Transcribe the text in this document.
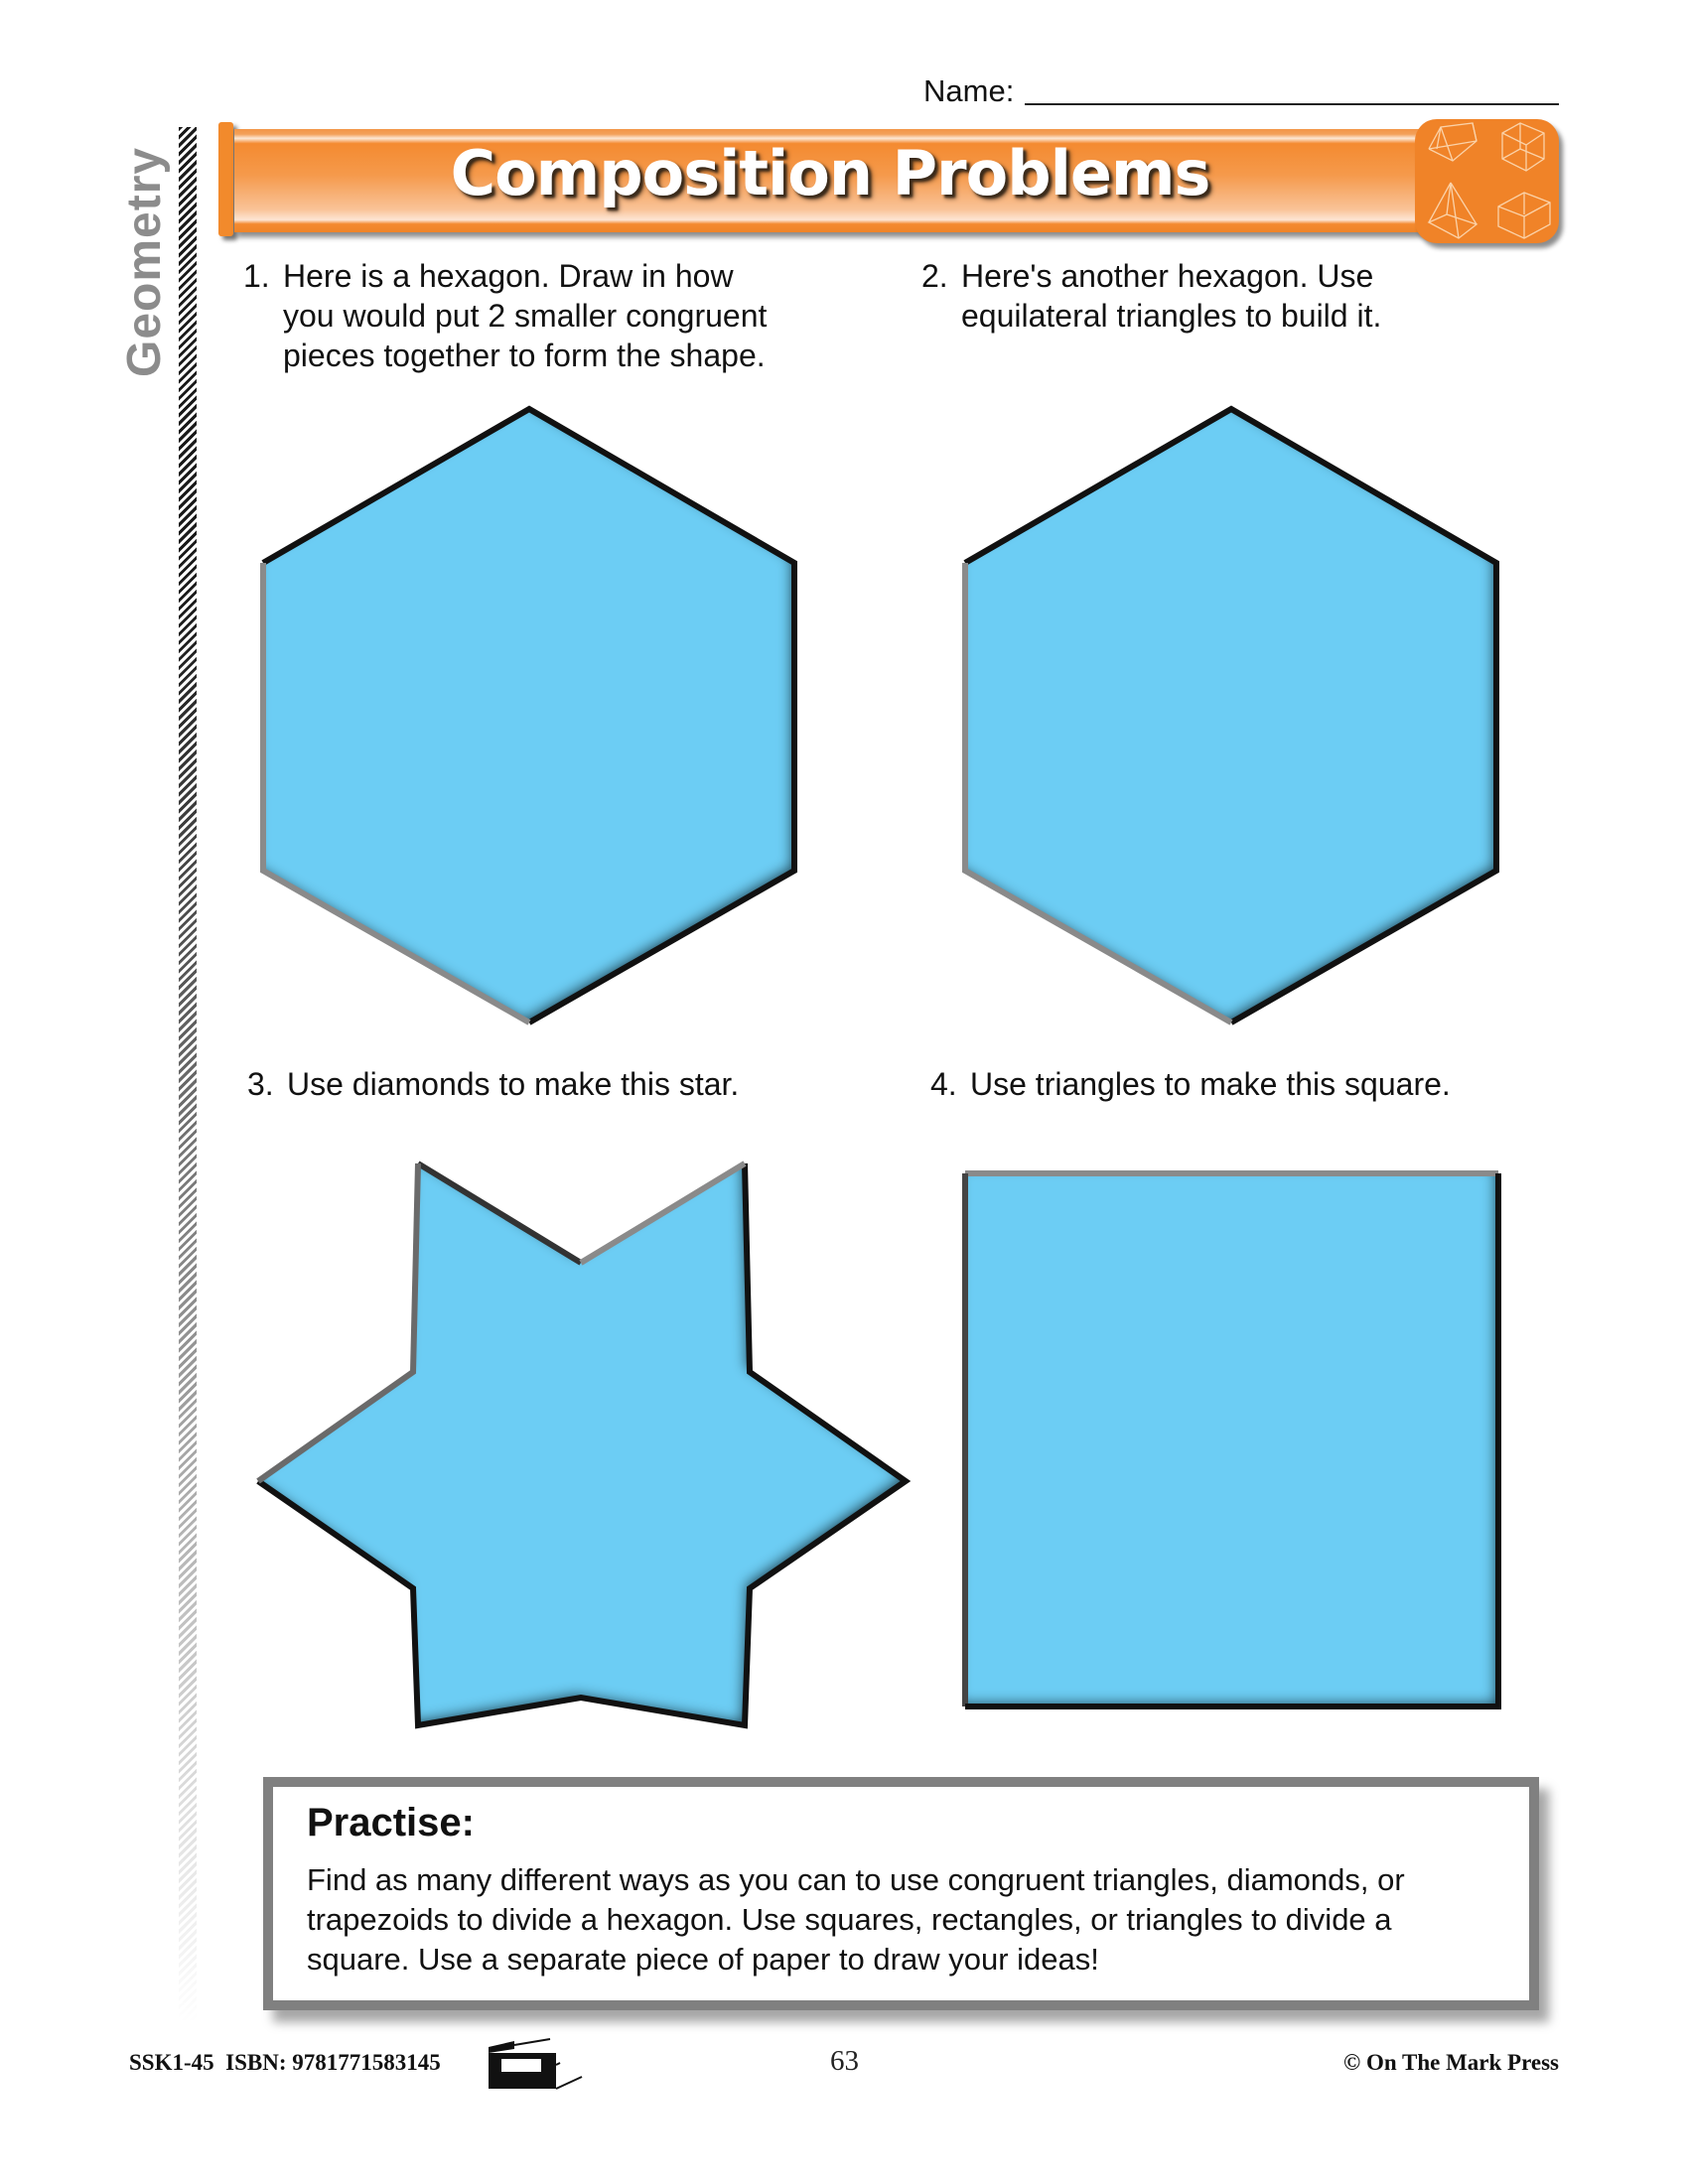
Name:
Geometry	Composition Problems
1. Here is a hexagon. Draw in how
you would put 2 smaller congruent
pieces together to form the shape.
2. Here's another hexagon. Use
equilateral triangles to build it.
3. Use diamonds to make this star.	4. Use triangles to make this square.
Practise:
Find as many different ways as you can to use congruent triangles, diamonds, or
trapezoids to divide a hexagon. Use squares, rectangles, or triangles to divide a
square. Use a separate piece of paper to draw your ideas!
SSK1-45  ISBN: 9781771583145	63	© On The Mark Press
